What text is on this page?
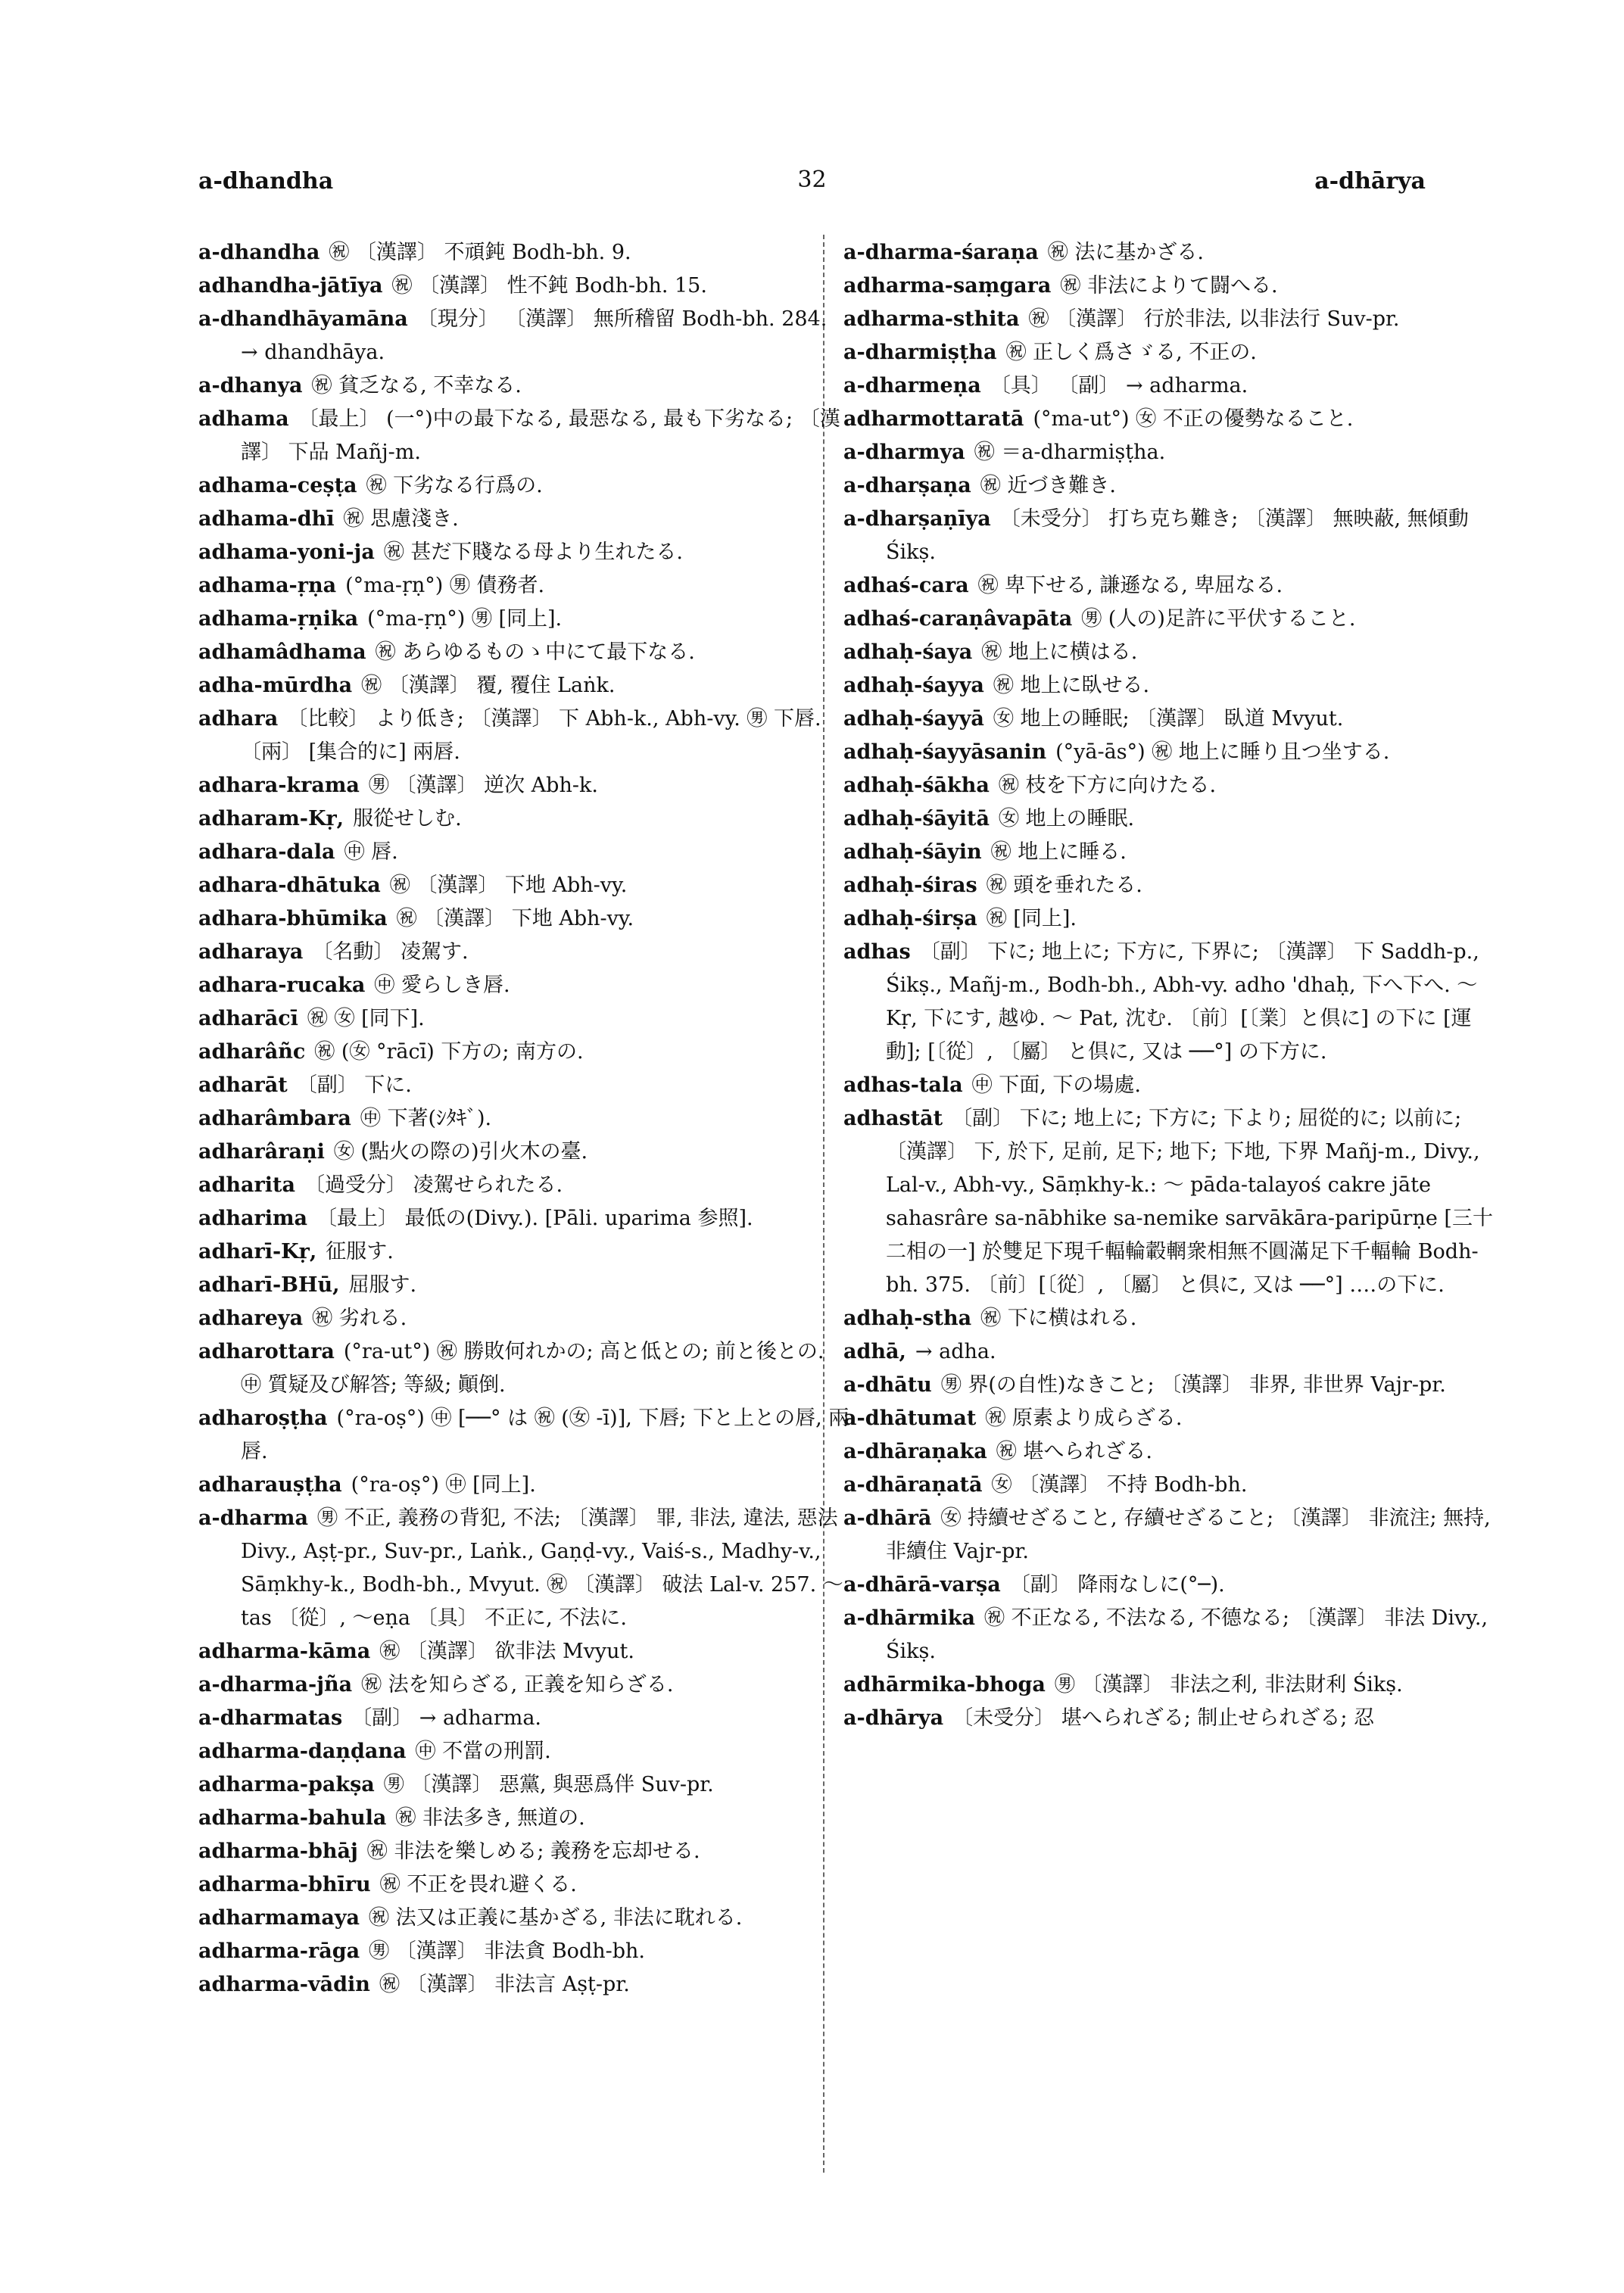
a-dhandha	32	a-dhārya

a-dhandha ㊗ 〔漢譯〕 不頑鈍 Bodh-bh. 9.

adhandha-jātīya ㊗ 〔漢譯〕 性不鈍 Bodh-bh. 15.

a-dhandhāyamāna 〔現分〕 〔漢譯〕 無所稽留 Bodh-bh. 284. → dhandhāya.

a-dhanya ㊗ 貧乏なる, 不幸なる.

adhama 〔最上〕 (一°)中の最下なる, 最惡なる, 最も下劣なる; 〔漢譯〕 下品 Mañj-m.

adhama-ceṣṭa ㊗ 下劣なる行爲の.

adhama-dhī ㊗ 思慮淺き.

adhama-yoni-ja ㊗ 甚だ下賤なる母より生れたる.

adhama-ṛṇa (°ma-ṛṇ°) ㊚ 債務者.

adhama-ṛṇika (°ma-ṛṇ°) ㊚ [同上].

adhamâdhama ㊗ あらゆるものゝ中にて最下なる.

adha-mūrdha ㊗ 〔漢譯〕 覆, 覆住 Laṅk.

adhara 〔比較〕 より低き; 〔漢譯〕 下 Abh-k., Abh-vy. ㊚ 下唇. 〔兩〕 [集合的に] 兩唇.

adhara-krama ㊚ 〔漢譯〕 逆次 Abh-k.

adharam-Kṛ, 服從せしむ.

adhara-dala ㊥ 唇.

adhara-dhātuka ㊗ 〔漢譯〕 下地 Abh-vy.

adhara-bhūmika ㊗ 〔漢譯〕 下地 Abh-vy.

adharaya 〔名動〕 凌駕す.

adhara-rucaka ㊥ 愛らしき唇.

adharācī ㊗ ㊛ [同下].

adharâñc ㊗ (㊛ °rācī) 下方の; 南方の.

adharāt 〔副〕 下に.

adharâmbara ㊥ 下著(ｼﾀｷﾞ).

adharâraṇi ㊛ (點火の際の)引火木の臺.

adharita 〔過受分〕 凌駕せられたる.

adharima 〔最上〕 最低の(Divy.). [Pāli. uparima 参照].

adharī-Kṛ, 征服す.

adharī-BHū, 屈服す.

adhareya ㊗ 劣れる.

adharottara (°ra-ut°) ㊗ 勝敗何れかの; 高と低との; 前と後との. ㊥ 質疑及び解答; 等級; 顚倒.

adharoṣṭha (°ra-oṣ°) ㊥ [──° は ㊗ (㊛ -ī)], 下唇; 下と上との唇, 兩唇.

adharauṣṭha (°ra-oṣ°) ㊥ [同上].

a-dharma ㊚ 不正, 義務の背犯, 不法; 〔漢譯〕 罪, 非法, 違法, 惡法 Divy., Aṣṭ-pr., Suv-pr., Laṅk., Gaṇḍ-vy., Vaiś-s., Madhy-v., Sāṃkhy-k., Bodh-bh., Mvyut. ㊗ 〔漢譯〕 破法 Lal-v. 257. ～tas 〔從〕, ～eṇa 〔具〕 不正に, 不法に.

adharma-kāma ㊗ 〔漢譯〕 欲非法 Mvyut.

a-dharma-jña ㊗ 法を知らざる, 正義を知らざる.

a-dharmatas 〔副〕 → adharma.

adharma-daṇḍana ㊥ 不當の刑罰.

adharma-pakṣa ㊚ 〔漢譯〕 惡黨, 與惡爲伴 Suv-pr.

adharma-bahula ㊗ 非法多き, 無道の.

adharma-bhāj ㊗ 非法を樂しめる; 義務を忘却せる.

adharma-bhīru ㊗ 不正を畏れ避くる.

adharmamaya ㊗ 法又は正義に基かざる, 非法に耽れる.

adharma-rāga ㊚ 〔漢譯〕 非法貪 Bodh-bh.

adharma-vādin ㊗ 〔漢譯〕 非法言 Aṣṭ-pr.

a-dharma-śaraṇa ㊗ 法に基かざる.

adharma-saṃgara ㊗ 非法によりて闘へる.

adharma-sthita ㊗ 〔漢譯〕 行於非法, 以非法行 Suv-pr.

a-dharmiṣṭha ㊗ 正しく爲さゞる, 不正の.

a-dharmeṇa 〔具〕 〔副〕 → adharma.

adharmottaratā (°ma-ut°) ㊛ 不正の優勢なること.

a-dharmya ㊗ ＝a-dharmiṣṭha.

a-dharṣaṇa ㊗ 近づき難き.

a-dharṣaṇīya 〔未受分〕 打ち克ち難き; 〔漢譯〕 無映蔽, 無傾動 Śikṣ.

adhaś-cara ㊗ 卑下せる, 謙遜なる, 卑屈なる.

adhaś-caraṇâvapāta ㊚ (人の)足許に平伏すること.

adhaḥ-śaya ㊗ 地上に横はる.

adhaḥ-śayya ㊗ 地上に臥せる.

adhaḥ-śayyā ㊛ 地上の睡眠; 〔漢譯〕 臥道 Mvyut.

adhaḥ-śayyāsanin (°yā-ās°) ㊗ 地上に睡り且つ坐する.

adhaḥ-śākha ㊗ 枝を下方に向けたる.

adhaḥ-śāyitā ㊛ 地上の睡眠.

adhaḥ-śāyin ㊗ 地上に睡る.

adhaḥ-śiras ㊗ 頭を垂れたる.

adhaḥ-śirṣa ㊗ [同上].

adhas 〔副〕 下に; 地上に; 下方に, 下界に; 〔漢譯〕 下 Saddh-p., Śikṣ., Mañj-m., Bodh-bh., Abh-vy. adho 'dhaḥ, 下へ下へ. ～ Kṛ, 下にす, 越ゆ. ～ Pat, 沈む. 〔前〕[〔業〕と倶に] の下に [運動]; [〔從〕, 〔屬〕 と倶に, 又は ──°] の下方に.

adhas-tala ㊥ 下面, 下の場處.

adhastāt 〔副〕 下に; 地上に; 下方に; 下より; 屈從的に; 以前に; 〔漢譯〕 下, 於下, 足前, 足下; 地下; 下地, 下界 Mañj-m., Divy., Lal-v., Abh-vy., Sāṃkhy-k.: ～ pāda-talayoś cakre jāte sahasrâre sa-nābhike sa-nemike sarvākāra-paripūrṇe [三十二相の一] 於雙足下現千輻輪轂輞衆相無不圓滿足下千輻輪 Bodh-bh. 375. 〔前〕[〔從〕, 〔屬〕 と倶に, 又は ──°] ‥‥の下に.

adhaḥ-stha ㊗ 下に横はれる.

adhā, → adha.

a-dhātu ㊚ 界(の自性)なきこと; 〔漢譯〕 非界, 非世界 Vajr-pr.

a-dhātumat ㊗ 原素より成らざる.

a-dhāraṇaka ㊗ 堪へられざる.

a-dhāraṇatā ㊛ 〔漢譯〕 不持 Bodh-bh.

a-dhārā ㊛ 持續せざること, 存續せざること; 〔漢譯〕 非流注; 無持, 非續住 Vajr-pr.

a-dhārā-varṣa 〔副〕 降雨なしに(°─).

a-dhārmika ㊗ 不正なる, 不法なる, 不德なる; 〔漢譯〕 非法 Divy., Śikṣ.

adhārmika-bhoga ㊚ 〔漢譯〕 非法之利, 非法財利 Śikṣ.

a-dhārya 〔未受分〕 堪へられざる; 制止せられざる; 忍
